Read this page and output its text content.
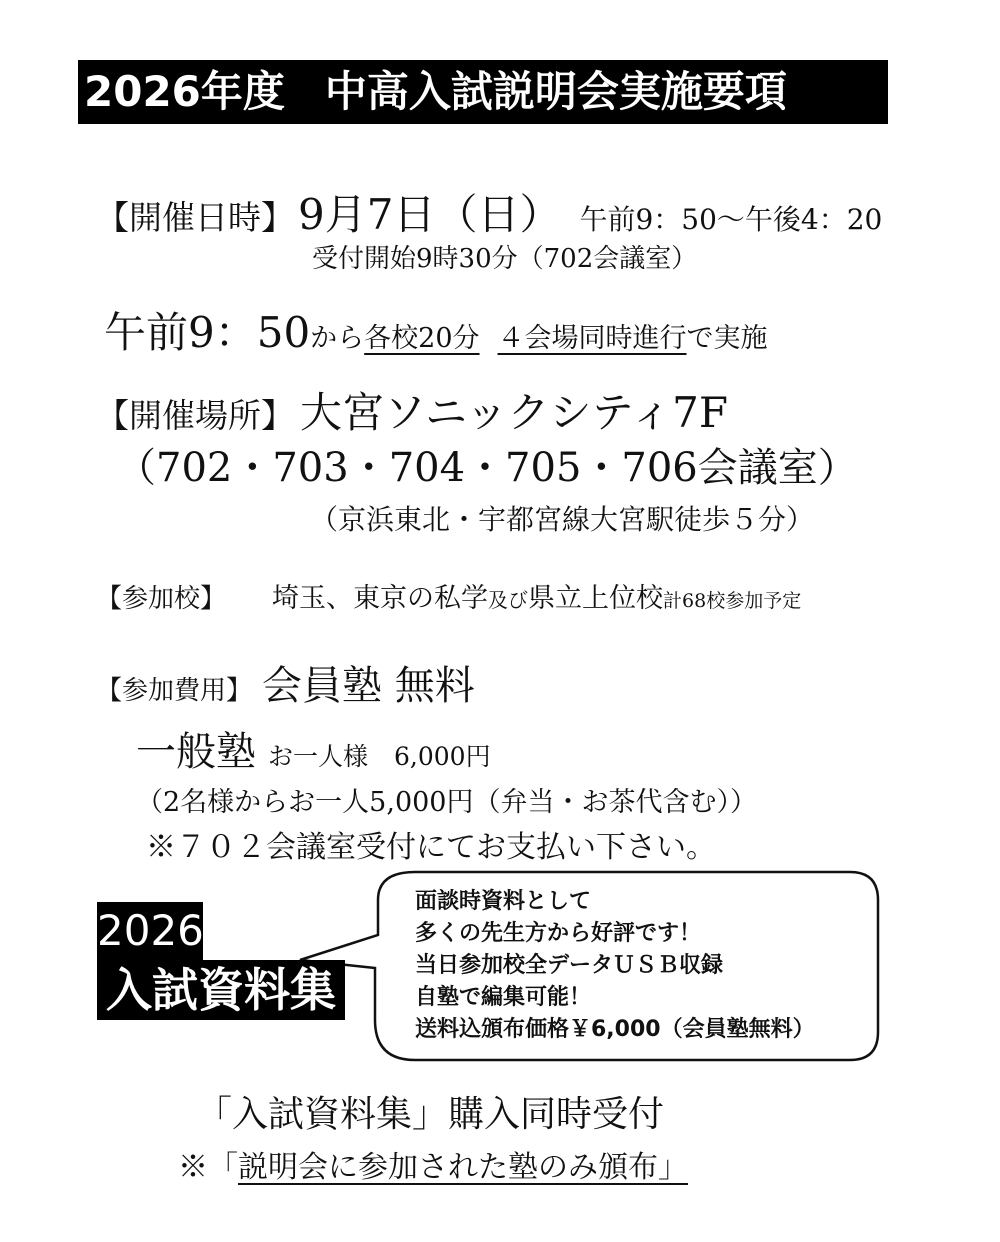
2026年度 中高入試説明会実施要項
【開催日時】9月7日（日） 午前9：50〜午後4：20
受付開始9時30分（702会議室）
午前9：50から各校20分 ４会場同時進行で実施
【開催場所】 大宮ソニックシティ7F
（702・703・704・705・706会議室）
（京浜東北・宇都宮線大宮駅徒歩５分）
【参加校】 埼玉、東京の私学及び県立上位校計68校参加予定
【参加費用】 会員塾 無料
一般塾 お一人様 6,000円
（2名様からお一人5,000円（弁当・お茶代含む））
※７０２会議室受付にてお支払い下さい。
面談時資料として
多くの先生方から好評です！
当日参加校全データＵＳＢ収録
自塾で編集可能！
送料込頒布価格￥6,000（会員塾無料）
2026
入試資料集
「入試資料集」購入同時受付
※「説明会に参加された塾のみ頒布」
